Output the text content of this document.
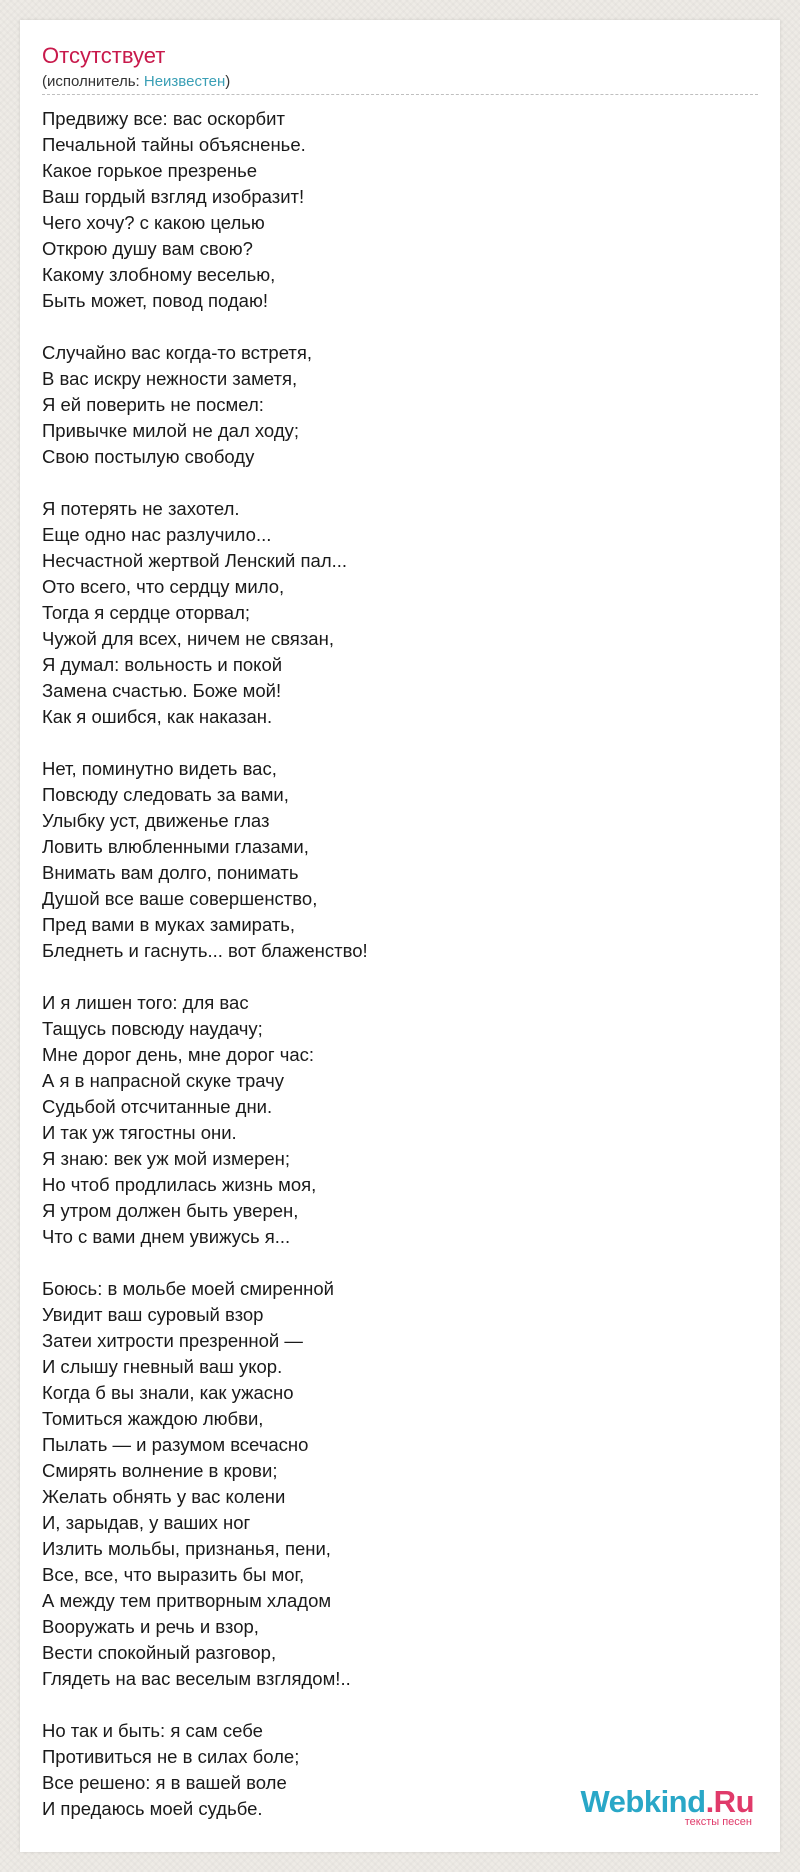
Отсутствует
(исполнитель: Неизвестен)
Предвижу все: вас оскорбит
Печальной тайны объясненье.
Какое горькое презренье
Ваш гордый взгляд изобразит!
Чего хочу? с какою целью
Открою душу вам свою?
Какому злобному веселью,
Быть может, повод подаю!
Случайно вас когда-то встретя,
В вас искру нежности заметя,
Я ей поверить не посмел:
Привычке милой не дал ходу;
Свою постылую свободу
Я потерять не захотел.
Еще одно нас разлучило...
Несчастной жертвой Ленский пал...
Ото всего, что сердцу мило,
Тогда я сердце оторвал;
Чужой для всех, ничем не связан,
Я думал: вольность и покой
Замена счастью. Боже мой!
Как я ошибся, как наказан.
Нет, поминутно видеть вас,
Повсюду следовать за вами,
Улыбку уст, движенье глаз
Ловить влюбленными глазами,
Внимать вам долго, понимать
Душой все ваше совершенство,
Пред вами в муках замирать,
Бледнеть и гаснуть... вот блаженство!
И я лишен того: для вас
Тащусь повсюду наудачу;
Мне дорог день, мне дорог час:
А я в напрасной скуке трачу
Судьбой отсчитанные дни.
И так уж тягостны они.
Я знаю: век уж мой измерен;
Но чтоб продлилась жизнь моя,
Я утром должен быть уверен,
Что с вами днем увижусь я...
Боюсь: в мольбе моей смиренной
Увидит ваш суровый взор
Затеи хитрости презренной —
И слышу гневный ваш укор.
Когда б вы знали, как ужасно
Томиться жаждою любви,
Пылать — и разумом всечасно
Смирять волнение в крови;
Желать обнять у вас колени
И, зарыдав, у ваших ног
Излить мольбы, признанья, пени,
Все, все, что выразить бы мог,
А между тем притворным хладом
Вооружать и речь и взор,
Вести спокойный разговор,
Глядеть на вас веселым взглядом!..
Но так и быть: я сам себе
Противиться не в силах боле;
Все решено: я в вашей воле
И предаюсь моей судьбе.	Webkind.Ru
тексты песен
